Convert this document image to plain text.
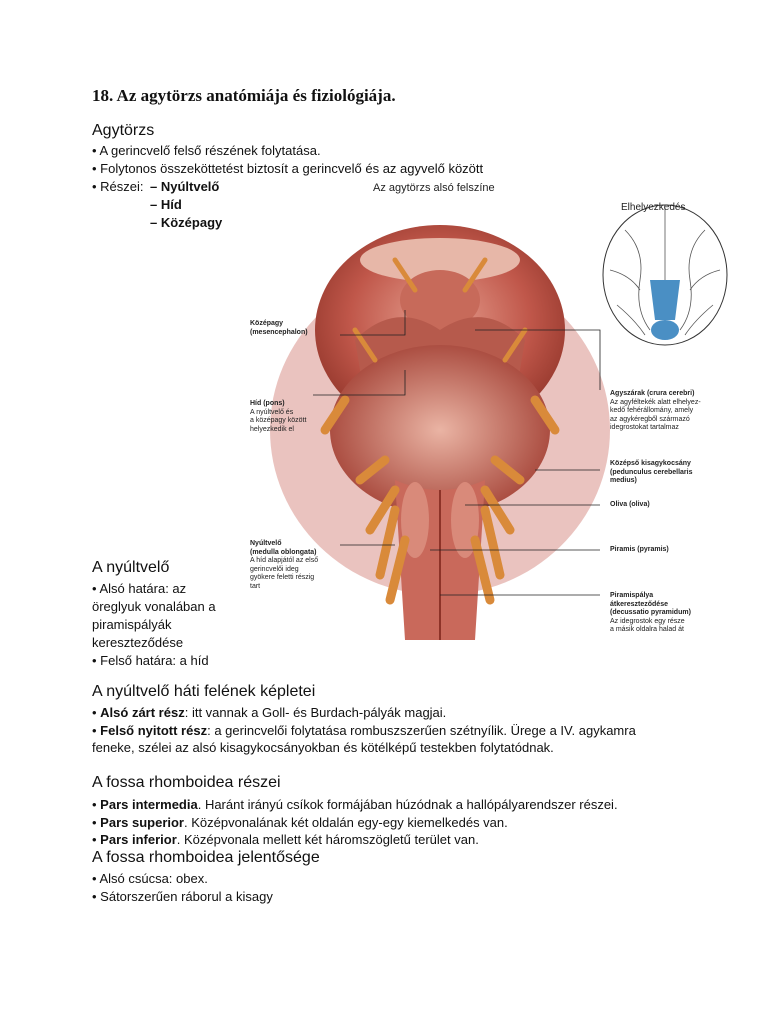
18. Az agytörzs anatómiája és fiziológiája.
Agytörzs
• A gerincvelő felső részének folytatása.
• Folytonos összeköttetést biztosít a gerincvelő és az agyvelő között
• Részei: – Nyúltvelő
– Híd
– Középagy
Az agytörzs alsó felszíne
Elhelyezkedés
Középagy
(mesencephalon)
Híd (pons)
A nyúltvelő és
a középagy között
helyezkedik el
Nyúltvelő
(medulla oblongata)
A híd alapjától az első
gerincvelői ideg
gyökere feletti részig
tart
Agyszárak (crura cerebri)
Az agyféltekék alatt elhelyez-
kedő fehérállomány, amely
az agykéregből származó
idegrostokat tartalmaz
Középső kisagykocsány
(pedunculus cerebellaris
medius)
Oliva (oliva)
Piramis (pyramis)
Piramispálya
átkereszteződése
(decussatio pyramidum)
Az idegrostok egy része
a másik oldalra halad át
A nyúltvelő
• Alsó határa: az
öreglyuk vonalában a
piramispályák
kereszteződése
• Felső határa: a híd
A nyúltvelő háti felének képletei
• Alsó zárt rész: itt vannak a Goll- és Burdach-pályák magjai.
• Felső nyitott rész: a gerincvelői folytatása rombuszszerűen szétnyílik. Ürege a IV. agykamra
feneke, szélei az alsó kisagykocsányokban és kötélképű testekben folytatódnak.
A fossa rhomboidea részei
• Pars intermedia. Haránt irányú csíkok formájában húzódnak a hallópályarendszer részei.
• Pars superior. Középvonalának két oldalán egy-egy kiemelkedés van.
• Pars inferior. Középvonala mellett két háromszögletű terület van.
A fossa rhomboidea jelentősége
• Alsó csúcsa: obex.
• Sátorszerűen ráborul a kisagy
